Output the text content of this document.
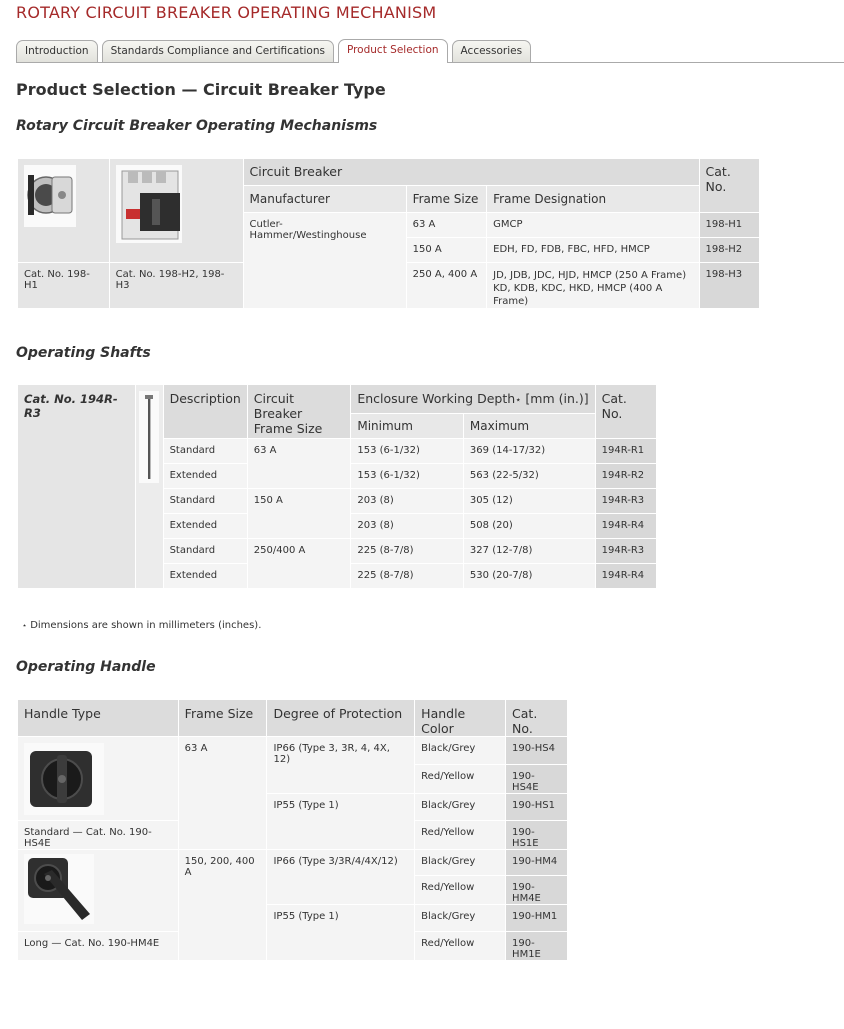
ROTARY CIRCUIT BREAKER OPERATING MECHANISM
Introduction	Standards Compliance and Certifications	Product Selection	Accessories
Product Selection — Circuit Breaker Type
Rotary Circuit Breaker Operating Mechanisms
		Circuit Breaker			Cat. No.
		Manufacturer	Frame Size	Frame Designation	
		Cutler-Hammer/Westinghouse	63 A	GMCP	198-H1
			150 A	EDH, FD, FDB, FBC, HFD, HMCP	198-H2
Cat. No. 198-H1	Cat. No. 198-H2, 198-H3		250 A, 400 A	JD, JDB, JDC, HJD, HMCP (250 A Frame)
KD, KDB, KDC, HKD, HMCP (400 A Frame)	198-H3
Operating Shafts
Cat. No. 194R-R3		Description	Circuit Breaker Frame Size	Enclosure Working Depth⋆ [mm (in.)]		Cat. No.
				Minimum	Maximum	
		Standard	63 A	153 (6-1/32)	369 (14-17/32)	194R-R1
		Extended		153 (6-1/32)	563 (22-5/32)	194R-R2
		Standard	150 A	203 (8)	305 (12)	194R-R3
		Extended		203 (8)	508 (20)	194R-R4
		Standard	250/400 A	225 (8-7/8)	327 (12-7/8)	194R-R3
		Extended		225 (8-7/8)	530 (20-7/8)	194R-R4

⋆ Dimensions are shown in millimeters (inches).

Operating Handle
Handle Type	Frame Size	Degree of Protection	Handle Color	Cat. No.
	63 A	IP66 (Type 3, 3R, 4, 4X, 12)	Black/Grey	190-HS4
			Red/Yellow	190-HS4E
		IP55 (Type 1)	Black/Grey	190-HS1
Standard — Cat. No. 190-HS4E			Red/Yellow	190-HS1E
	150, 200, 400 A	IP66 (Type 3/3R/4/4X/12)	Black/Grey	190-HM4
			Red/Yellow	190-HM4E
		IP55 (Type 1)	Black/Grey	190-HM1
Long — Cat. No. 190-HM4E			Red/Yellow	190-HM1E
